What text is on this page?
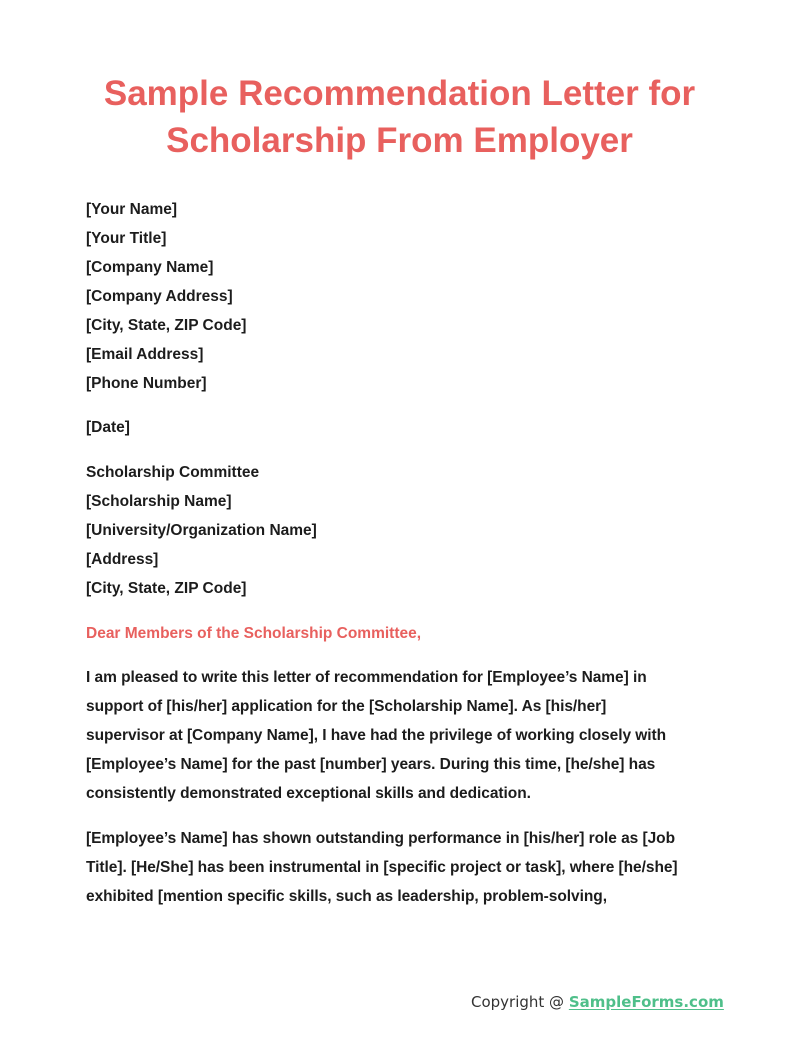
Sample Recommendation Letter for
Scholarship From Employer
[Your Name]
[Your Title]
[Company Name]
[Company Address]
[City, State, ZIP Code]
[Email Address]
[Phone Number]
[Date]
Scholarship Committee
[Scholarship Name]
[University/Organization Name]
[Address]
[City, State, ZIP Code]
Dear Members of the Scholarship Committee,
I am pleased to write this letter of recommendation for [Employee’s Name] in
support of [his/her] application for the [Scholarship Name]. As [his/her]
supervisor at [Company Name], I have had the privilege of working closely with
[Employee’s Name] for the past [number] years. During this time, [he/she] has
consistently demonstrated exceptional skills and dedication.
[Employee’s Name] has shown outstanding performance in [his/her] role as [Job
Title]. [He/She] has been instrumental in [specific project or task], where [he/she]
exhibited [mention specific skills, such as leadership, problem-solving,
Copyright @ SampleForms.com
